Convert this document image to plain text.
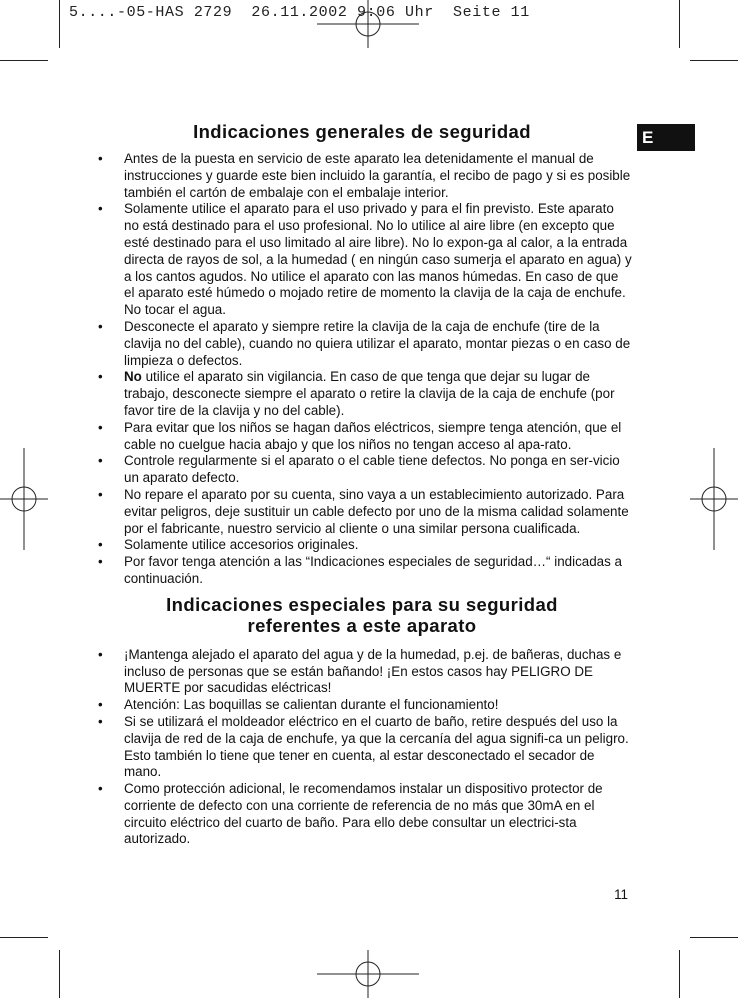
5....-05-HAS 2729  26.11.2002 9:06 Uhr  Seite 11
E
Indicaciones generales de seguridad
• Antes de la puesta en servicio de este aparato lea detenidamente el manual de instrucciones y guarde este bien incluido la garantía, el recibo de pago y si es posible también el cartón de embalaje con el embalaje interior.
• Solamente utilice el aparato para el uso privado y para el fin previsto. Este aparato no está destinado para el uso profesional. No lo utilice al aire libre (en excepto que esté destinado para el uso limitado al aire libre). No lo expon-ga al calor, a la entrada directa de rayos de sol, a la humedad ( en ningún caso sumerja el aparato en agua) y a los cantos agudos. No utilice el aparato con las manos húmedas. En caso de que el aparato esté húmedo o mojado retire de momento la clavija de la caja de enchufe. No tocar el agua.
• Desconecte el aparato y siempre retire la clavija de la caja de enchufe (tire de la clavija no del cable), cuando no quiera utilizar el aparato, montar piezas o en caso de limpieza o defectos.
• No utilice el aparato sin vigilancia. En caso de que tenga que dejar su lugar de trabajo, desconecte siempre el aparato o retire la clavija de la caja de enchufe (por favor tire de la clavija y no del cable).
• Para evitar que los niños se hagan daños eléctricos, siempre tenga atención, que el cable no cuelgue hacia abajo y que los niños no tengan acceso al apa-rato.
• Controle regularmente si el aparato o el cable tiene defectos. No ponga en ser-vicio un aparato defecto.
• No repare el aparato por su cuenta, sino vaya a un establecimiento autorizado. Para evitar peligros, deje sustituir un cable defecto por uno de la misma calidad solamente por el fabricante, nuestro servicio al cliente o una similar persona cualificada.
• Solamente utilice accesorios originales.
• Por favor tenga atención a las “Indicaciones especiales de seguridad…“ indicadas a continuación.
Indicaciones especiales para su seguridad
referentes a este aparato
• ¡Mantenga alejado el aparato del agua y de la humedad, p.ej. de bañeras, duchas e incluso de personas que se están bañando! ¡En estos casos hay PELIGRO DE MUERTE por sacudidas eléctricas!
• Atención: Las boquillas se calientan durante el funcionamiento!
• Si se utilizará el moldeador eléctrico en el cuarto de baño, retire después del uso la clavija de red de la caja de enchufe, ya que la cercanía del agua signifi-ca un peligro. Esto también lo tiene que tener en cuenta, al estar desconectado el secador de mano.
• Como protección adicional, le recomendamos instalar un dispositivo protector de corriente de defecto con una corriente de referencia de no más que 30mA en el circuito eléctrico del cuarto de baño. Para ello debe consultar un electrici-sta autorizado.
11
